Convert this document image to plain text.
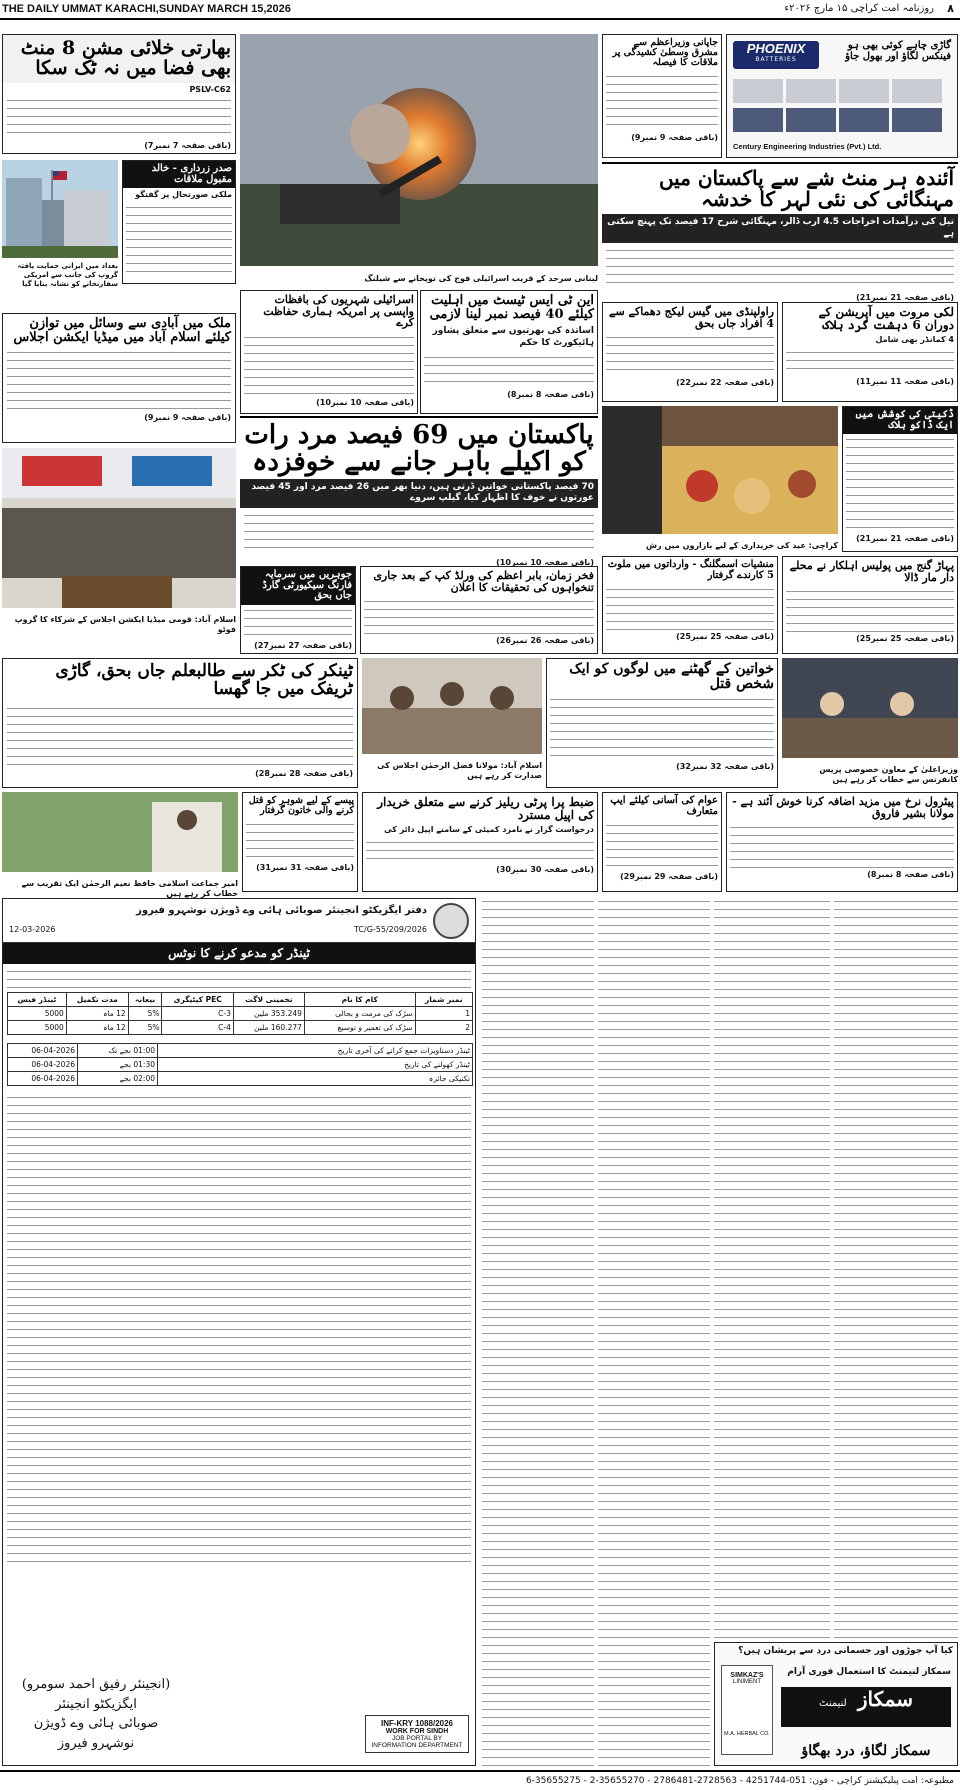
THE DAILY UMMAT KARACHI,SUNDAY MARCH 15,2026	روزنامہ امت کراچی ۱۵ مارچ ۲۰۲۶ء ۸
بھارتی خلائی مشن 8 منٹ بھی فضا میں نہ ٹک سکا
PSLV-C62
(باقی صفحہ 7 نمبر7)
بغداد میں ایرانی حمایت یافتہ گروپ کی جانب سے امریکی سفارتخانے کو نشانہ بنایا گیا
صدر زرداری - خالد مقبول ملاقات
ملکی صورتحال پر گفتگو
ملک میں آبادی سے وسائل میں توازن کیلئے اسلام آباد میں میڈیا ایکشن اجلاس
(باقی صفحہ 9 نمبر9)
اسلام آباد: قومی میڈیا ایکشن اجلاس کے شرکاء کا گروپ فوٹو
لبنانی سرحد کے قریب اسرائیلی فوج کی توپخانے سے شیلنگ
اسرائیلی شہریوں کی بافظات واپسی پر امریکہ ہماری حفاظت کرے
(باقی صفحہ 10 نمبر10)
این ٹی ایس ٹیسٹ میں اہلیت کیلئے 40 فیصد نمبر لینا لازمی
اساتذہ کی بھرتیوں سے متعلق پشاور ہائیکورٹ کا حکم
(باقی صفحہ 8 نمبر8)
پاکستان میں 69 فیصد مرد رات کو اکیلے باہر جانے سے خوفزدہ
70 فیصد پاکستانی خواتین ڈرتی ہیں، دنیا بھر میں 26 فیصد مرد اور 45 فیصد عورتوں نے خوف کا اظہار کیا، گیلپ سروے
(باقی صفحہ 10 نمبر10)
جوہریں میں سرمایہ فارنگ سیکیورٹی گارڈ جاں بحق
(باقی صفحہ 27 نمبر27)
فخر زمان، بابر اعظم کی ورلڈ کپ کے بعد جاری تنخواہوں کی تحقیقات کا اعلان
(باقی صفحہ 26 نمبر26)
جاپانی وزیراعظم سے مشرق وسطیٰ کشیدگی پر ملاقات کا فیصلہ
(باقی صفحہ 9 نمبر9)
PHOENIX
BATTERIES
گاڑی چاہے کوئی بھی ہو فینکس لگاؤ اور بھول جاؤ
Century Engineering Industries (Pvt.) Ltd.
آئندہ ہر منٹ شے سے پاکستان میں مہنگائی کی نئی لہر کا خدشہ
تیل کی درآمدات اخراجات 4.5 ارب ڈالر، مہنگائی شرح 17 فیصد تک پہنچ سکتی ہے
(باقی صفحہ 21 نمبر21)
لکی مروت میں آپریشن کے دوران 6 دہشت گرد ہلاک
4 کمانڈر بھی شامل
(باقی صفحہ 11 نمبر11)
راولپنڈی میں گیس لیکج دھماکے سے 4 افراد جاں بحق
(باقی صفحہ 22 نمبر22)
کراچی: عید کی خریداری کے لیے بازاروں میں رش
ڈکیتی کی کوشش میں ایک ڈاکو ہلاک
(باقی صفحہ 21 نمبر21)
پہاڑ گنج میں پولیس اہلکار نے محلے دار مار ڈالا
(باقی صفحہ 25 نمبر25)
منشیات اسمگلنگ - وارداتوں میں ملوث 5 کارندے گرفتار
(باقی صفحہ 25 نمبر25)
ٹینکر کی ٹکر سے طالبعلم جاں بحق، گاڑی ٹریفک میں جا گھسا
(باقی صفحہ 28 نمبر28)
اسلام آباد: مولانا فضل الرحمٰن اجلاس کی صدارت کر رہے ہیں
خواتین کے گھٹنے میں لوگوں کو ایک شخص قتل
(باقی صفحہ 32 نمبر32)	وزیراعلیٰ کے معاون خصوصی پریس کانفرنس سے خطاب کر رہے ہیں
امیر جماعت اسلامی حافظ نعیم الرحمٰن ایک تقریب سے خطاب کر رہے ہیں
پیسے کے لیے شوہر کو قتل کرنے والی خاتون گرفتار
(باقی صفحہ 31 نمبر31)
ضبط پرا پرٹی ریلیز کرنے سے متعلق خریدار کی اپیل مسترد
درخواست گزار نے نامزد کمیٹی کے سامنے اپیل دائر کی
(باقی صفحہ 30 نمبر30)
عوام کی آسانی کیلئے ایپ متعارف
(باقی صفحہ 29 نمبر29)
پیٹرول نرخ میں مزید اضافہ کرنا خوش آئند ہے - مولانا بشیر فاروق
(باقی صفحہ 8 نمبر8)
دفتر ایگزیکٹو انجینئر صوبائی ہائی وے ڈویژن نوشہرو فیروز
TC/G-55/209/2026
12-03-2026
ٹینڈر کو مدعو کرنے کا نوٹس
ٹینڈر فیس	مدت تکمیل	بیعانہ	PEC کیٹیگری	تخمینی لاگت	کام کا نام	نمبر شمار
5000	12 ماہ	5%	C-3	353.249 ملین	سڑک کی مرمت و بحالی	1
5000	12 ماہ	5%	C-4	160.277 ملین	سڑک کی تعمیر و توسیع	2
06-04-2026	01:00 بجے تک	ٹینڈر دستاویزات جمع کرانے کی آخری تاریخ
06-04-2026	01:30 بجے	ٹینڈر کھولنے کی تاریخ
06-04-2026	02:00 بجے	تکنیکی جائزہ
(انجینئر رفیق احمد سومرو)
ایگزیکٹو انجینئر
صوبائی ہائی وے ڈویژن
نوشہرو فیروز
INF-KRY 1088/2026
WORK FOR SINDH
JOB PORTAL BY
INFORMATION DEPARTMENT
کیا آپ جوڑوں اور جسمانی درد سے پریشان ہیں؟
SIMKAZ'S
LINIMENT
M.A. HERBAL CO.
سمکاز لنیمنٹ کا استعمال فوری آرام
سمکاز لنیمنٹ
سمکاز لگاؤ، درد بھگاؤ
مطبوعہ: امت پبلیکیشنز کراچی - فون: 051-4251744 - 2728563-2786481 - 35655270-2 - 35655275-6
